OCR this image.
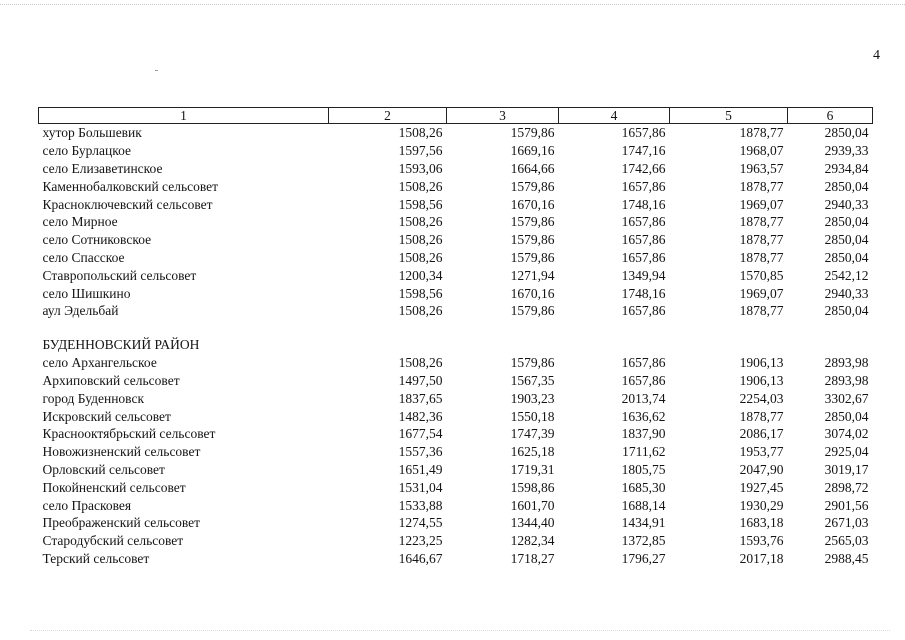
4
1	2	3	4	5	6
хутор Большевик	1508,26	1579,86	1657,86	1878,77	2850,04
село Бурлацкое	1597,56	1669,16	1747,16	1968,07	2939,33
село Елизаветинское	1593,06	1664,66	1742,66	1963,57	2934,84
Каменнобалковский сельсовет	1508,26	1579,86	1657,86	1878,77	2850,04
Красноключевский сельсовет	1598,56	1670,16	1748,16	1969,07	2940,33
село Мирное	1508,26	1579,86	1657,86	1878,77	2850,04
село Сотниковское	1508,26	1579,86	1657,86	1878,77	2850,04
село Спасское	1508,26	1579,86	1657,86	1878,77	2850,04
Ставропольский сельсовет	1200,34	1271,94	1349,94	1570,85	2542,12
село Шишкино	1598,56	1670,16	1748,16	1969,07	2940,33
аул Эдельбай	1508,26	1579,86	1657,86	1878,77	2850,04

БУДЕННОВСКИЙ РАЙОН					
село Архангельское	1508,26	1579,86	1657,86	1906,13	2893,98
Архиповский сельсовет	1497,50	1567,35	1657,86	1906,13	2893,98
город Буденновск	1837,65	1903,23	2013,74	2254,03	3302,67
Искровский сельсовет	1482,36	1550,18	1636,62	1878,77	2850,04
Краснооктябрьский сельсовет	1677,54	1747,39	1837,90	2086,17	3074,02
Новожизненский сельсовет	1557,36	1625,18	1711,62	1953,77	2925,04
Орловский сельсовет	1651,49	1719,31	1805,75	2047,90	3019,17
Покойненский сельсовет	1531,04	1598,86	1685,30	1927,45	2898,72
село Прасковея	1533,88	1601,70	1688,14	1930,29	2901,56
Преображенский сельсовет	1274,55	1344,40	1434,91	1683,18	2671,03
Стародубский сельсовет	1223,25	1282,34	1372,85	1593,76	2565,03
Терский сельсовет	1646,67	1718,27	1796,27	2017,18	2988,45
